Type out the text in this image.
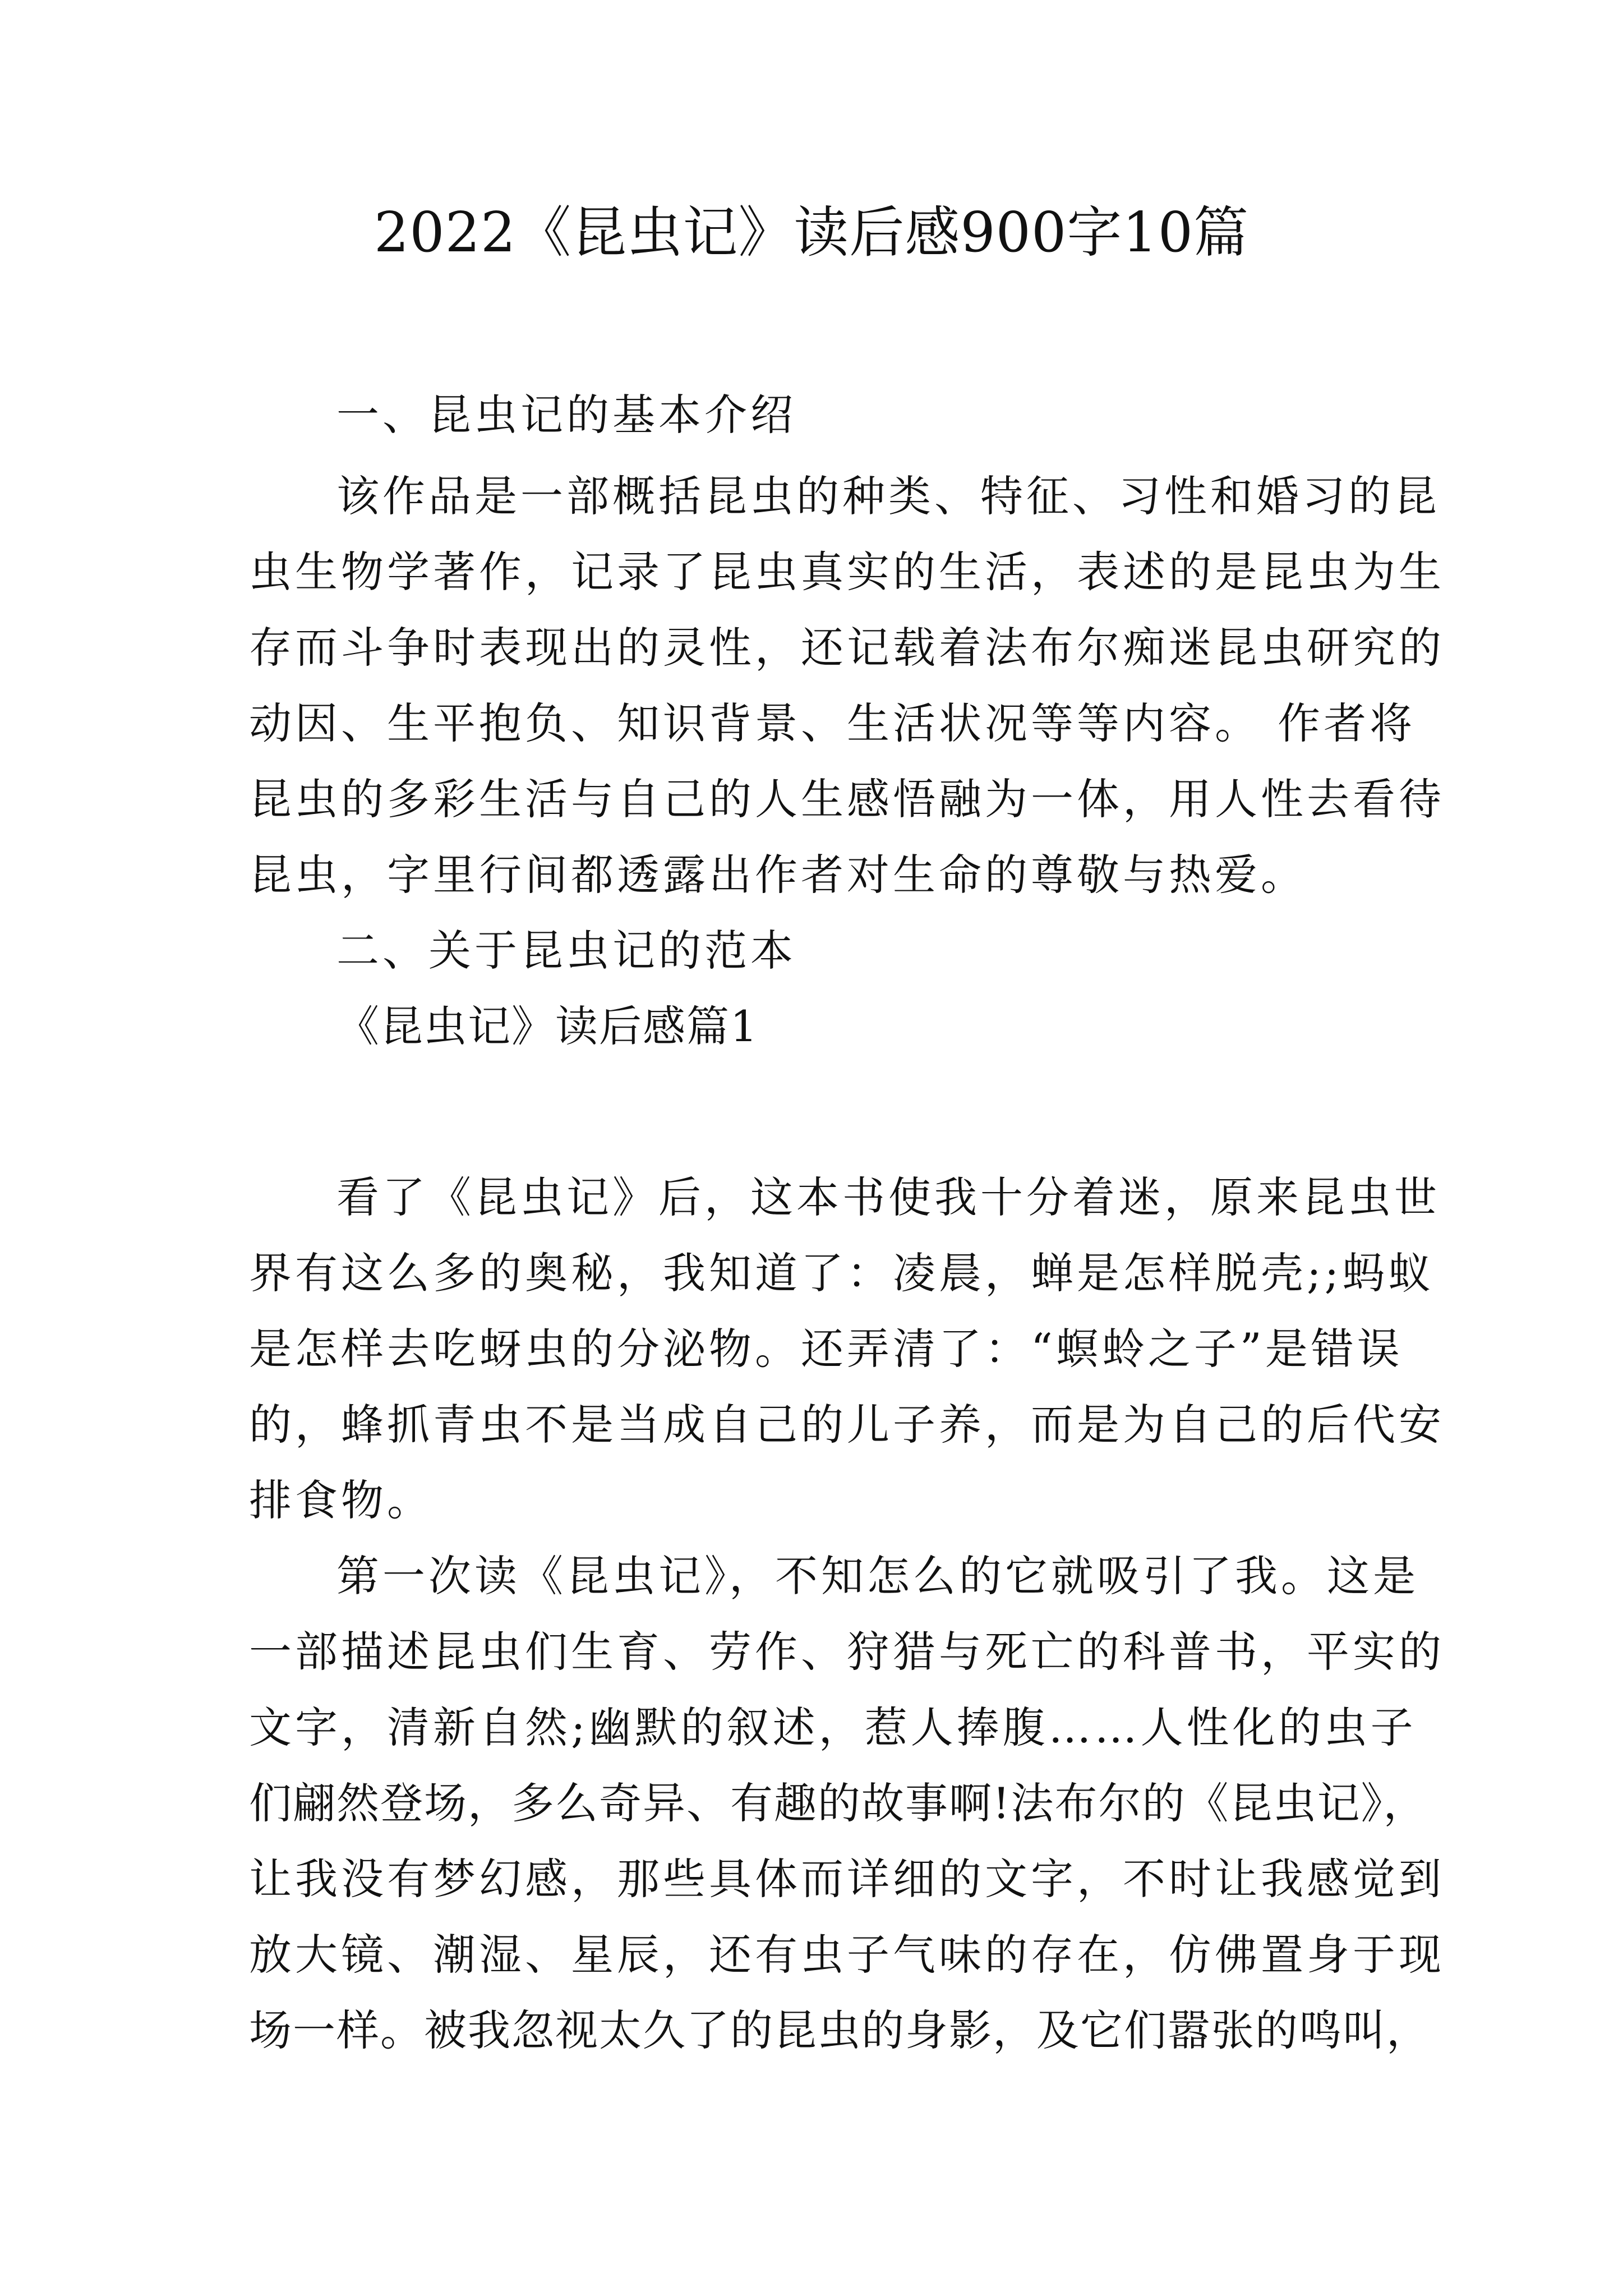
2022《昆虫记》读后感900字10篇
一、昆虫记的基本介绍
该作品是一部概括昆虫的种类、特征、习性和婚习的昆
虫生物学著作，记录了昆虫真实的生活，表述的是昆虫为生
存而斗争时表现出的灵性，还记载着法布尔痴迷昆虫研究的
动因、生平抱负、知识背景、生活状况等等内容。 作者将
昆虫的多彩生活与自己的人生感悟融为一体，用人性去看待
昆虫，字里行间都透露出作者对生命的尊敬与热爱。
二、关于昆虫记的范本
《昆虫记》读后感篇1
看了《昆虫记》后，这本书使我十分着迷，原来昆虫世
界有这么多的奥秘，我知道了：凌晨，蝉是怎样脱壳;;蚂蚁
是怎样去吃蚜虫的分泌物。还弄清了：“螟蛉之子”是错误
的，蜂抓青虫不是当成自己的儿子养，而是为自己的后代安
排食物。
第一次读《昆虫记》，不知怎么的它就吸引了我。这是
一部描述昆虫们生育、劳作、狩猎与死亡的科普书，平实的
文字，清新自然;幽默的叙述，惹人捧腹……人性化的虫子
们翩然登场，多么奇异、有趣的故事啊!法布尔的《昆虫记》，
让我没有梦幻感，那些具体而详细的文字，不时让我感觉到
放大镜、潮湿、星辰，还有虫子气味的存在，仿佛置身于现
场一样。被我忽视太久了的昆虫的身影，及它们嚣张的鸣叫，
